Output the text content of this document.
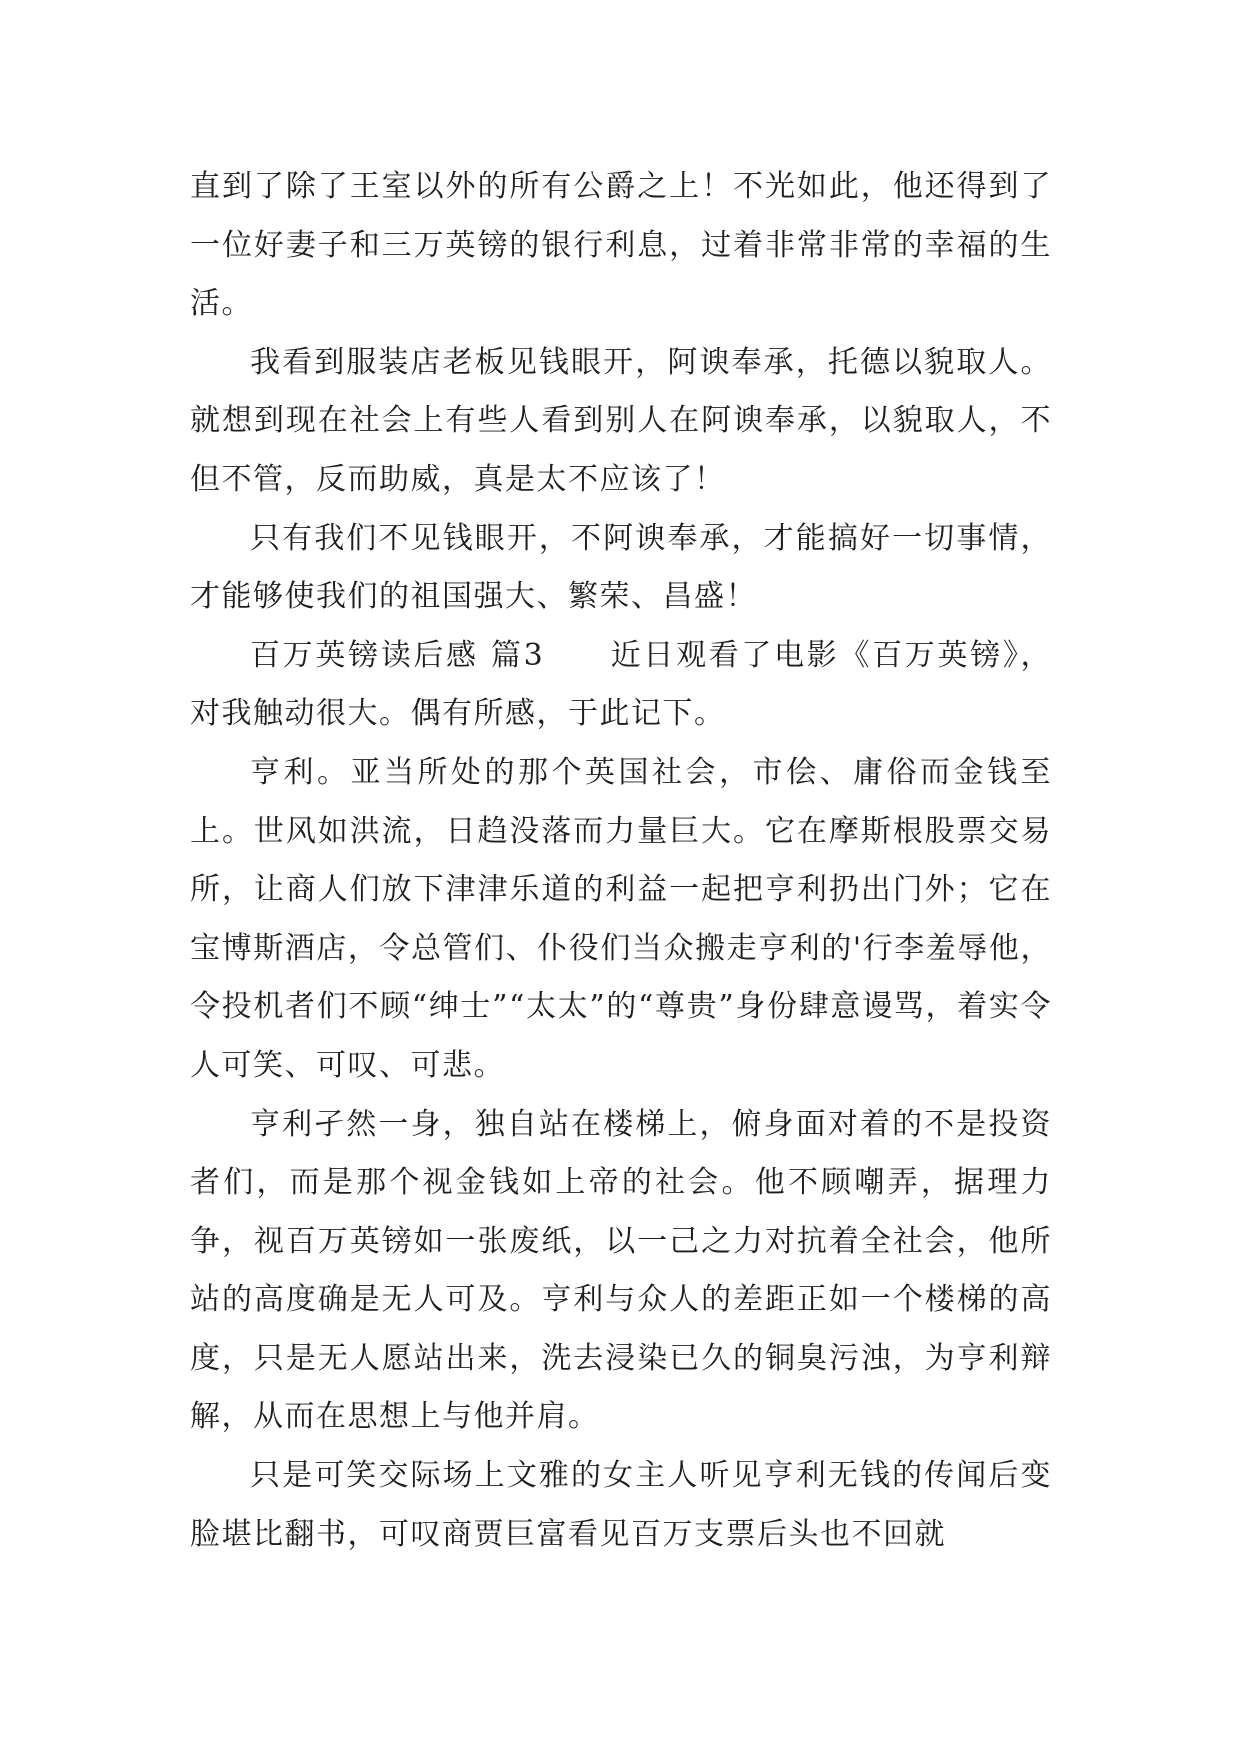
直到了除了王室以外的所有公爵之上！不光如此，他还得到了一位好妻子和三万英镑的银行利息，过着非常非常的幸福的生活。

我看到服装店老板见钱眼开，阿谀奉承，托德以貌取人。就想到现在社会上有些人看到别人在阿谀奉承，以貌取人，不但不管，反而助威，真是太不应该了！

只有我们不见钱眼开，不阿谀奉承，才能搞好一切事情，才能够使我们的祖国强大、繁荣、昌盛！

百万英镑读后感 篇3　　近日观看了电影《百万英镑》，对我触动很大。偶有所感，于此记下。

亨利。亚当所处的那个英国社会，市侩、庸俗而金钱至上。世风如洪流，日趋没落而力量巨大。它在摩斯根股票交易所，让商人们放下津津乐道的利益一起把亨利扔出门外；它在宝博斯酒店，令总管们、仆役们当众搬走亨利的'行李羞辱他，令投机者们不顾“绅士”“太太”的“尊贵”身份肆意谩骂，着实令人可笑、可叹、可悲。

亨利孑然一身，独自站在楼梯上，俯身面对着的不是投资者们，而是那个视金钱如上帝的社会。他不顾嘲弄，据理力争，视百万英镑如一张废纸，以一己之力对抗着全社会，他所站的高度确是无人可及。亨利与众人的差距正如一个楼梯的高度，只是无人愿站出来，洗去浸染已久的铜臭污浊，为亨利辩解，从而在思想上与他并肩。

只是可笑交际场上文雅的女主人听见亨利无钱的传闻后变脸堪比翻书，可叹商贾巨富看见百万支票后头也不回就
